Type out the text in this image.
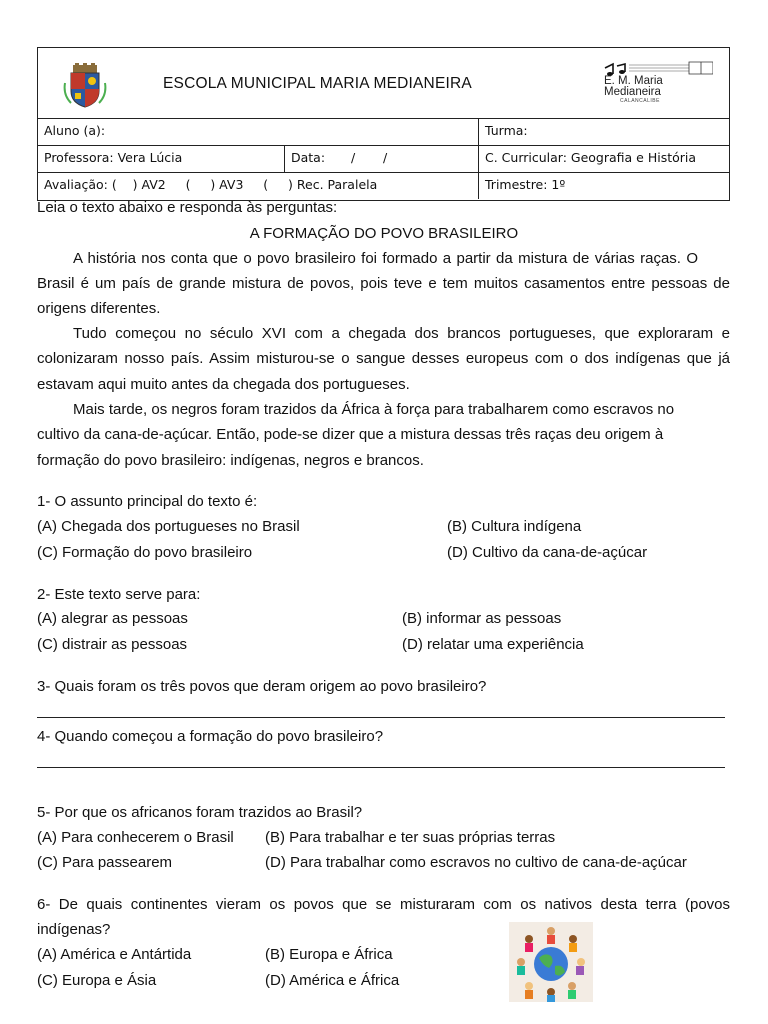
ESCOLA MUNICIPAL MARIA MEDIANEIRA	E. M. Maria
Medianeira
CALANCALIBE
Aluno (a):	Turma:
Professora: Vera Lúcia	Data: / /	C. Curricular: Geografia e História
Avaliação: (    ) AV2     (     ) AV3     (     ) Rec. Paralela	Trimestre: 1º
Leia o texto abaixo e responda às perguntas:
A FORMAÇÃO DO POVO BRASILEIRO
A história nos conta que o povo brasileiro foi formado a partir da mistura de várias raças. O
Brasil é um país de grande mistura de povos, pois teve e tem muitos casamentos entre pessoas de
origens diferentes.
Tudo começou no século XVI com a chegada dos brancos portugueses, que exploraram e
colonizaram nosso país. Assim misturou-se o sangue desses europeus com o dos indígenas que já
estavam aqui muito antes da chegada dos portugueses.
Mais tarde, os negros foram trazidos da África à força para trabalharem como escravos no
cultivo da cana-de-açúcar. Então, pode-se dizer que a mistura dessas três raças deu origem à
formação do povo brasileiro: indígenas, negros e brancos.
1- O assunto principal do texto é:
(A) Chegada dos portugueses no Brasil	(B) Cultura indígena
(C) Formação do povo brasileiro	(D) Cultivo da cana-de-açúcar
2- Este texto serve para:
(A) alegrar as pessoas	(B) informar as pessoas
(C) distrair as pessoas	(D) relatar uma experiência
3- Quais foram os três povos que deram origem ao povo brasileiro?
4- Quando começou a formação do povo brasileiro?
5- Por que os africanos foram trazidos ao Brasil?
(A) Para conhecerem o Brasil (B) Para trabalhar e ter suas próprias terras
(C) Para passearem	(D) Para trabalhar como escravos no cultivo de cana-de-açúcar
6- De quais continentes vieram os povos que se misturaram com os nativos desta terra (povos
indígenas?
(A) América e Antártida	(B) Europa e África
(C) Europa e Ásia	(D) América e África
